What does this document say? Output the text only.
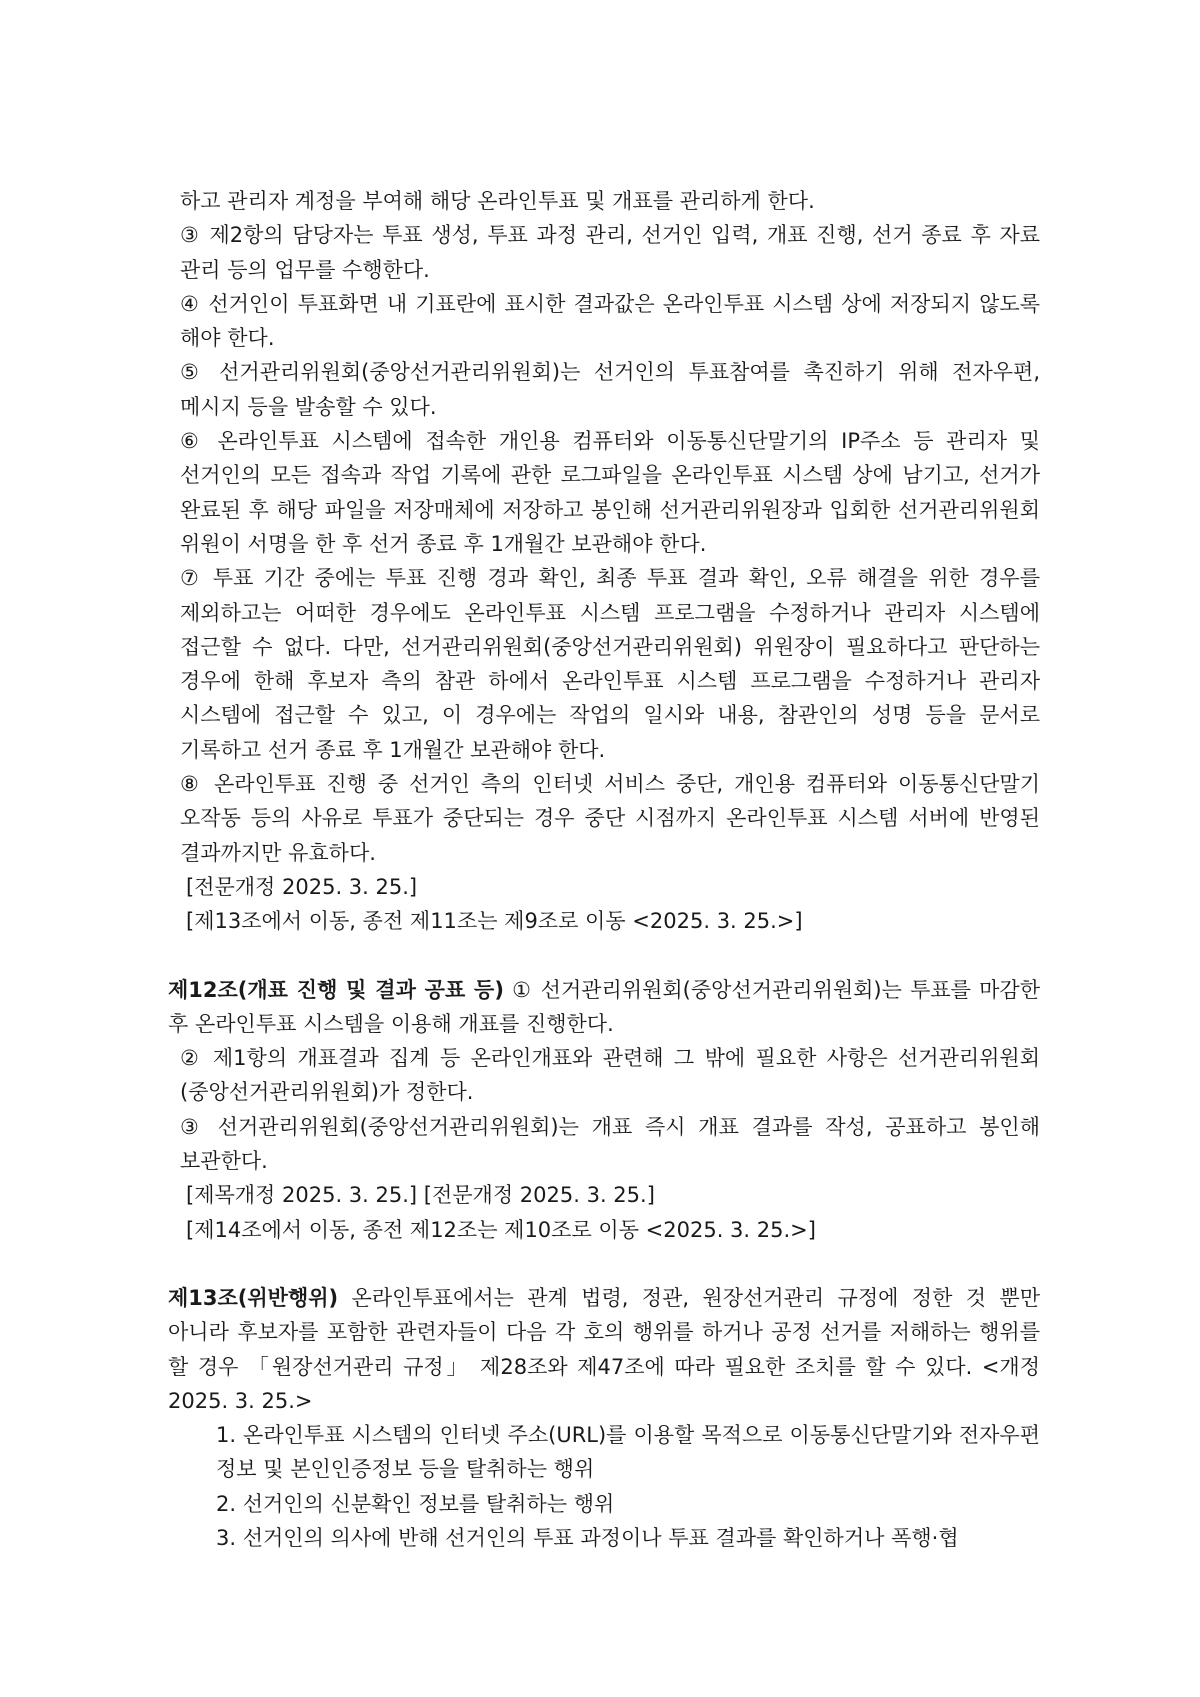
하고 관리자 계정을 부여해 해당 온라인투표 및 개표를 관리하게 한다.

③ 제2항의 담당자는 투표 생성, 투표 과정 관리, 선거인 입력, 개표 진행, 선거 종료 후 자료 관리 등의 업무를 수행한다.

④ 선거인이 투표화면 내 기표란에 표시한 결과값은 온라인투표 시스템 상에 저장되지 않도록 해야 한다.

⑤ 선거관리위원회(중앙선거관리위원회)는 선거인의 투표참여를 촉진하기 위해 전자우편, 메시지 등을 발송할 수 있다.

⑥ 온라인투표 시스템에 접속한 개인용 컴퓨터와 이동통신단말기의 IP주소 등 관리자 및 선거인의 모든 접속과 작업 기록에 관한 로그파일을 온라인투표 시스템 상에 남기고, 선거가 완료된 후 해당 파일을 저장매체에 저장하고 봉인해 선거관리위원장과 입회한 선거관리위원회 위원이 서명을 한 후 선거 종료 후 1개월간 보관해야 한다.

⑦ 투표 기간 중에는 투표 진행 경과 확인, 최종 투표 결과 확인, 오류 해결을 위한 경우를 제외하고는 어떠한 경우에도 온라인투표 시스템 프로그램을 수정하거나 관리자 시스템에 접근할 수 없다. 다만, 선거관리위원회(중앙선거관리위원회) 위원장이 필요하다고 판단하는 경우에 한해 후보자 측의 참관 하에서 온라인투표 시스템 프로그램을 수정하거나 관리자 시스템에 접근할 수 있고, 이 경우에는 작업의 일시와 내용, 참관인의 성명 등을 문서로 기록하고 선거 종료 후 1개월간 보관해야 한다.

⑧ 온라인투표 진행 중 선거인 측의 인터넷 서비스 중단, 개인용 컴퓨터와 이동통신단말기 오작동 등의 사유로 투표가 중단되는 경우 중단 시점까지 온라인투표 시스템 서버에 반영된 결과까지만 유효하다.

[전문개정 2025. 3. 25.]

[제13조에서 이동, 종전 제11조는 제9조로 이동 <2025. 3. 25.>]

제12조(개표 진행 및 결과 공표 등) ① 선거관리위원회(중앙선거관리위원회)는 투표를 마감한 후 온라인투표 시스템을 이용해 개표를 진행한다.

② 제1항의 개표결과 집계 등 온라인개표와 관련해 그 밖에 필요한 사항은 선거관리위원회(중앙선거관리위원회)가 정한다.

③ 선거관리위원회(중앙선거관리위원회)는 개표 즉시 개표 결과를 작성, 공표하고 봉인해 보관한다.

[제목개정 2025. 3. 25.] [전문개정 2025. 3. 25.]

[제14조에서 이동, 종전 제12조는 제10조로 이동 <2025. 3. 25.>]

제13조(위반행위) 온라인투표에서는 관계 법령, 정관, 원장선거관리 규정에 정한 것 뿐만 아니라 후보자를 포함한 관련자들이 다음 각 호의 행위를 하거나 공정 선거를 저해하는 행위를 할 경우 「원장선거관리 규정」 제28조와 제47조에 따라 필요한 조치를 할 수 있다. <개정 2025. 3. 25.>

1. 온라인투표 시스템의 인터넷 주소(URL)를 이용할 목적으로 이동통신단말기와 전자우편 정보 및 본인인증정보 등을 탈취하는 행위

2. 선거인의 신분확인 정보를 탈취하는 행위

3. 선거인의 의사에 반해 선거인의 투표 과정이나 투표 결과를 확인하거나 폭행·협
